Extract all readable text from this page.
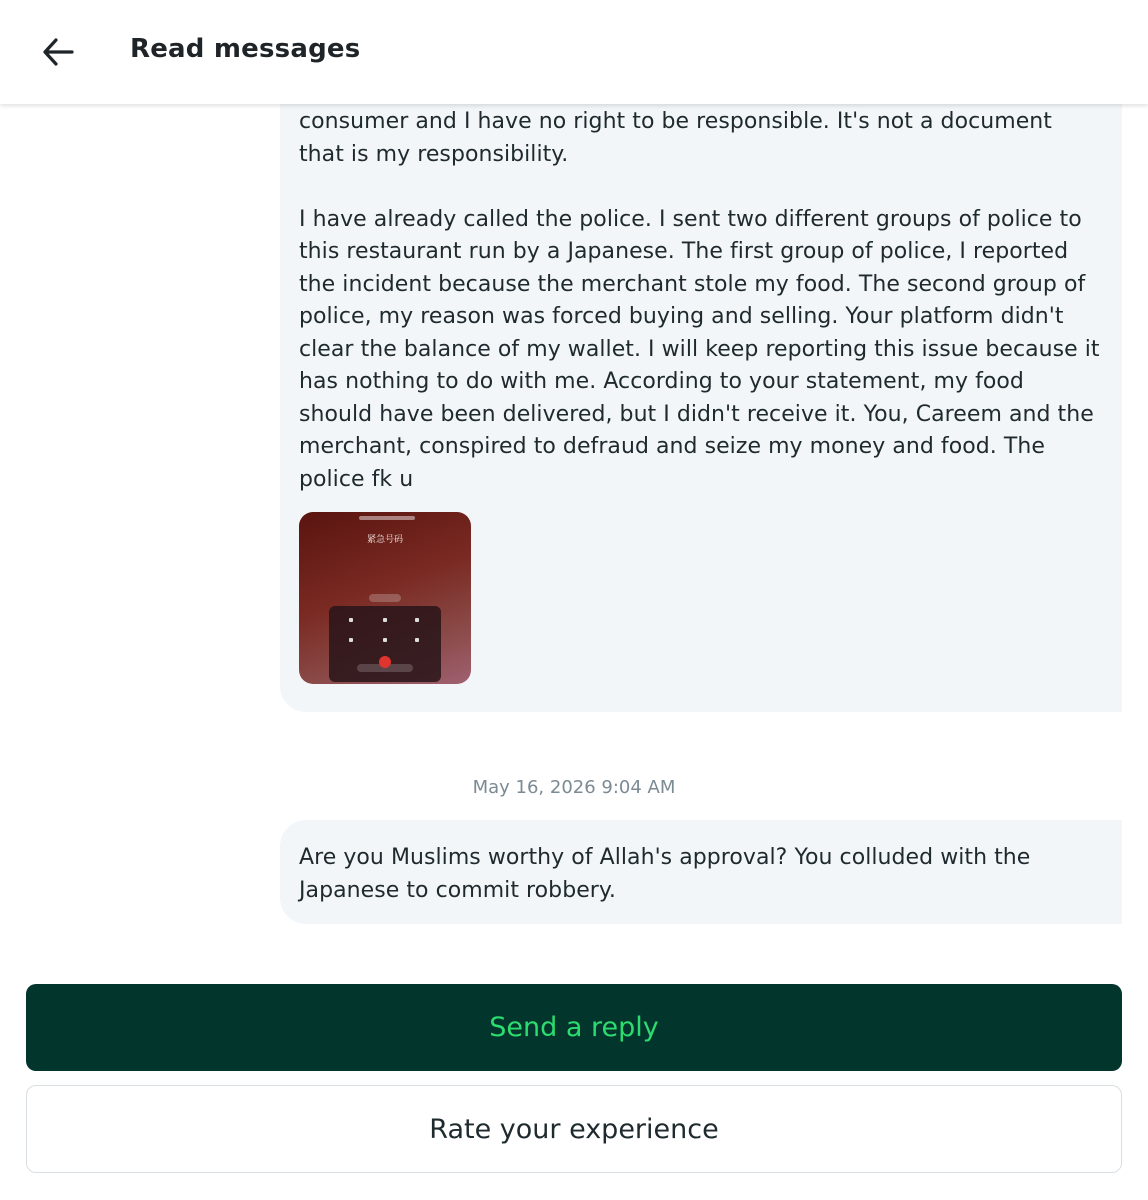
consumer and I have no right to be responsible. It's not a document that is my responsibility.

I have already called the police. I sent two different groups of police to this restaurant run by a Japanese. The first group of police, I reported the incident because the merchant stole my food. The second group of police, my reason was forced buying and selling. Your platform didn't clear the balance of my wallet. I will keep reporting this issue because it has nothing to do with me. According to your statement, my food should have been delivered, but I didn't receive it. You, Careem and the merchant, conspired to defraud and seize my money and food. The police fk u
紧急号码
May 16, 2026 9:04 AM
Are you Muslims worthy of Allah's approval? You colluded with the Japanese to commit robbery.
Read messages
Send a reply
Rate your experience
